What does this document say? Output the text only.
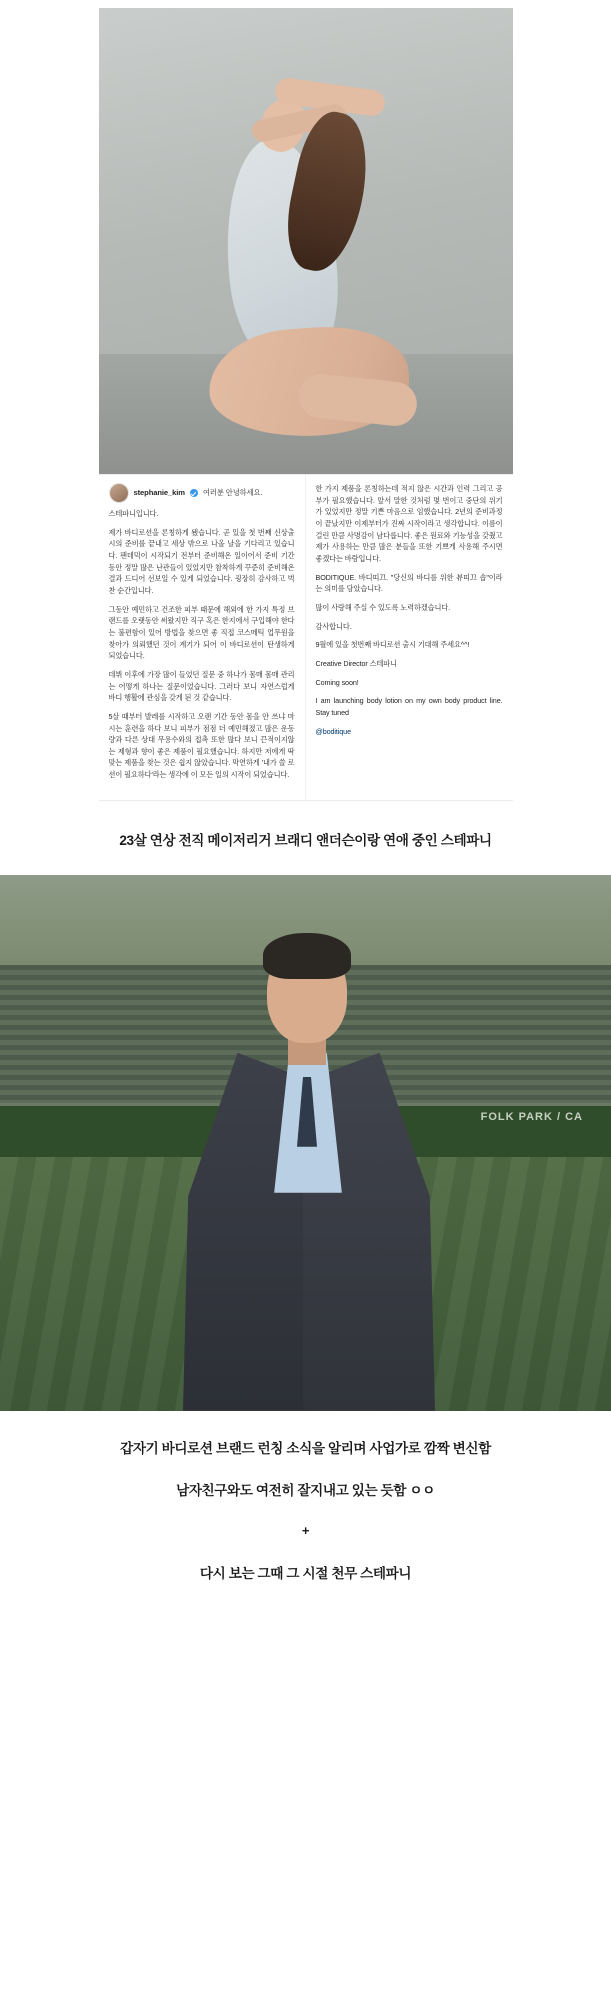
stephanie_kim 여러분 안녕하세요.

스테파니입니다.

제가 바디로션을 론칭하게 됐습니다. 곧 있을 첫 번째 신상출시의 준비를 끝내고 세상 밖으로 나올 날을 기다리고 있습니다. 팬데믹이 시작되기 전부터 준비해온 일이어서 준비 기간 동안 정말 많은 난관들이 있었지만 참착하게 꾸준히 준비해온 결과 드디어 선보일 수 있게 되었습니다. 굉장히 감사하고 벅찬 순간입니다.

그동안 예민하고 건조한 피부 때문에 해외에 한 가지 특정 브랜드를 오랫동안 써왔지만 직구 혹은 한지에서 구입해야 한다는 불편함이 있어 방법을 찾으면 좋 직접 코스메틱 업무원을 찾아가 의뢰했던 것이 계기가 되어 이 바디로션이 탄생하게 되었습니다.

데뷔 이후에 가장 많이 들었던 질문 중 하나가 몸매 몸매 관리는 어떻게 하나는 질문이었습니다. 그러다 보니 자연스럽게 바디 행활에 관심을 갖게 된 것 같습니다.

5살 때부터 발레를 시작하고 오랜 기간 동안 몸을 안 쓰냐 마시는 훈련을 하다 보니 피부가 점점 더 예민해졌고 많은 운동량과 다른 상대 무용수와의 접촉 또한 많다 보니 끈적이지않는 제형과 향이 좋은 제품이 필요했습니다. 하지만 저에게 딱 맞는 제품을 찾는 것은 쉽지 않았습니다. 막연하게 '내가 쓸 로션이 필요하다'라는 생각에 이 모든 일의 시작이 되었습니다.

한 가지 제품을 론칭하는데 적지 않은 시간과 인력 그리고 공부가 필요했습니다. 앞서 말한 것처럼 몇 번이고 중단의 위기가 있었지만 정말 기쁜 마음으로 임했습니다. 2년의 준비과정이 끝났지만 이제부터가 진짜 시작이라고 생각합니다. 이름이 걸린 만큼 사명감이 남다릅니다. 좋은 원료와 기능성을 갖췄고 제가 사용하는 만큼 많은 분들을 또한 기쁘게 사용해 주시면 좋겠다는 바람입니다.

BODITIQUE. 바디띠끄. "당신의 바디를 위한 뷰띠끄 숍"이라는 의미를 담았습니다.

많이 사랑해 주실 수 있도록 노력하겠습니다.

감사합니다.

9월에 있을 첫번째 바디로션 출시 기대해 주세요^^!

Creative Director 스테파니

Coming soon!

I am launching body lotion on my own body product line. Stay tuned

@boditique

23살 연상 전직 메이저리거 브래디 앤더슨이랑 연애 중인 스테파니
FOLK PARK / CA
갑자기 바디로션 브랜드 런칭 소식을 알리며 사업가로 깜짝 변신함
남자친구와도 여전히 잘지내고 있는 듯함 ㅇㅇ
+
다시 보는 그때 그 시절 천무 스테파니
